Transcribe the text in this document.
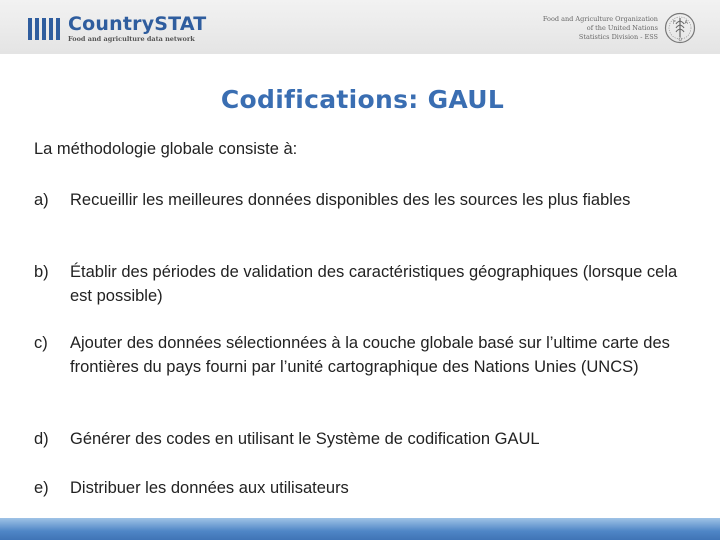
CountrySTAT
Food and agriculture data network
Food and Agriculture Organization
of the United Nations
Statistics Division - ESS
F A
O
Codifications: GAUL
La méthodologie globale consiste à:
a) Recueillir les meilleures données disponibles des les sources les plus fiables
b) Établir des périodes de validation des caractéristiques géographiques (lorsque cela est possible)
c) Ajouter des données sélectionnées à la couche globale basé sur l’ultime carte des frontières du pays fourni par l’unité cartographique des Nations Unies (UNCS)
d) Générer des codes en utilisant le Système de codification GAUL
e) Distribuer les données aux utilisateurs
